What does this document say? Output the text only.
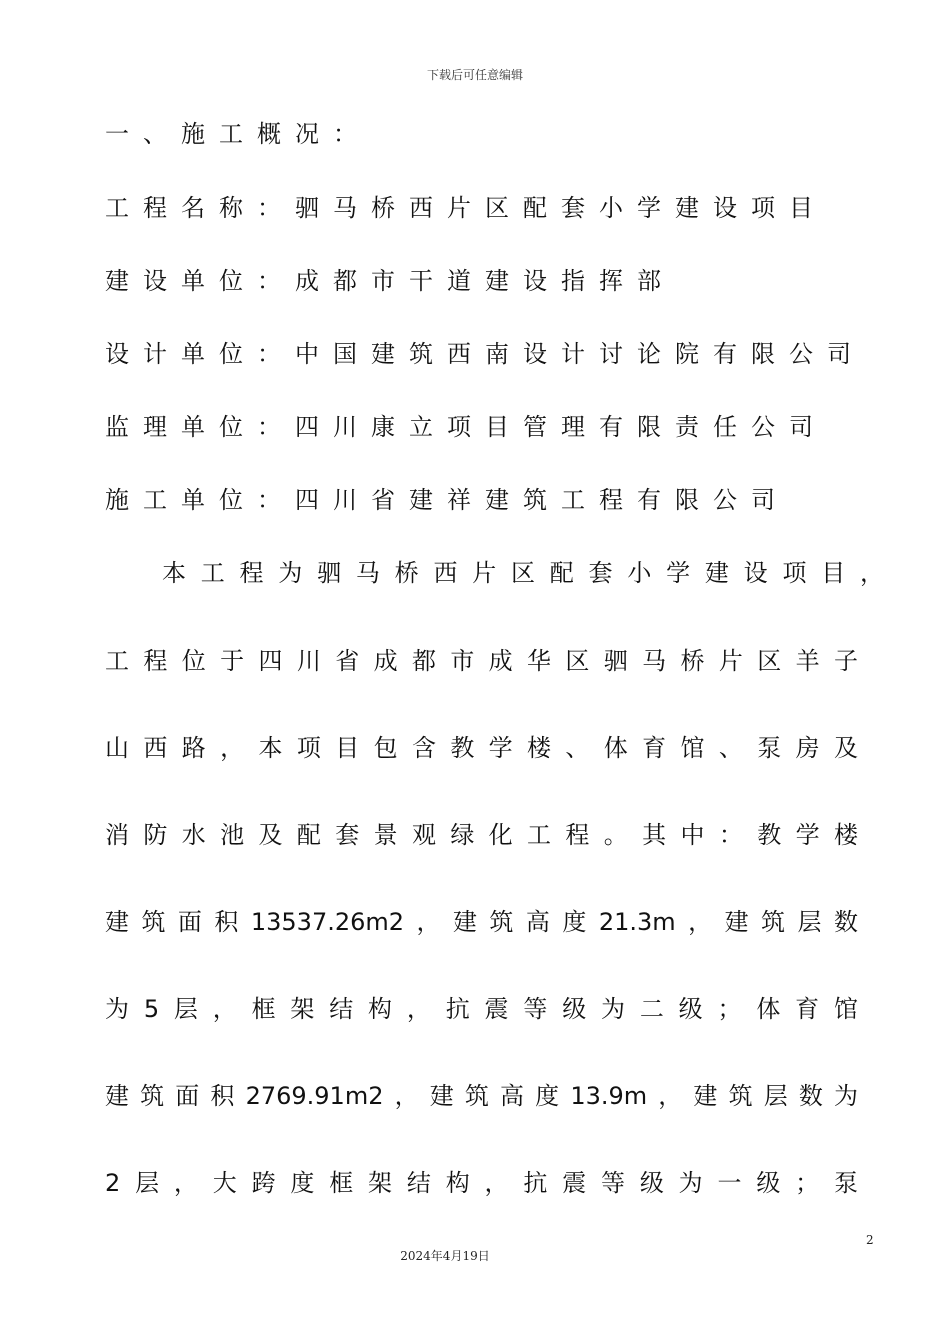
下载后可任意编辑
一、施工概况：
工程名称：驷马桥西片区配套小学建设项目
建设单位：成都市干道建设指挥部
设计单位：中国建筑西南设计讨论院有限公司
监理单位：四川康立项目管理有限责任公司
施工单位：四川省建祥建筑工程有限公司
本工程为驷马桥西片区配套小学建设项目，
工程位于四川省成都市成华区驷马桥片区羊子
山西路，本项目包含教学楼、体育馆、泵房及
消防水池及配套景观绿化工程。其中：教学楼
建筑面积13537.26m2，建筑高度21.3m，建筑层数
为5层，框架结构，抗震等级为二级；体育馆
建筑面积2769.91m2，建筑高度13.9m，建筑层数为
2层，大跨度框架结构，抗震等级为一级；泵
2
2024年4月19日
